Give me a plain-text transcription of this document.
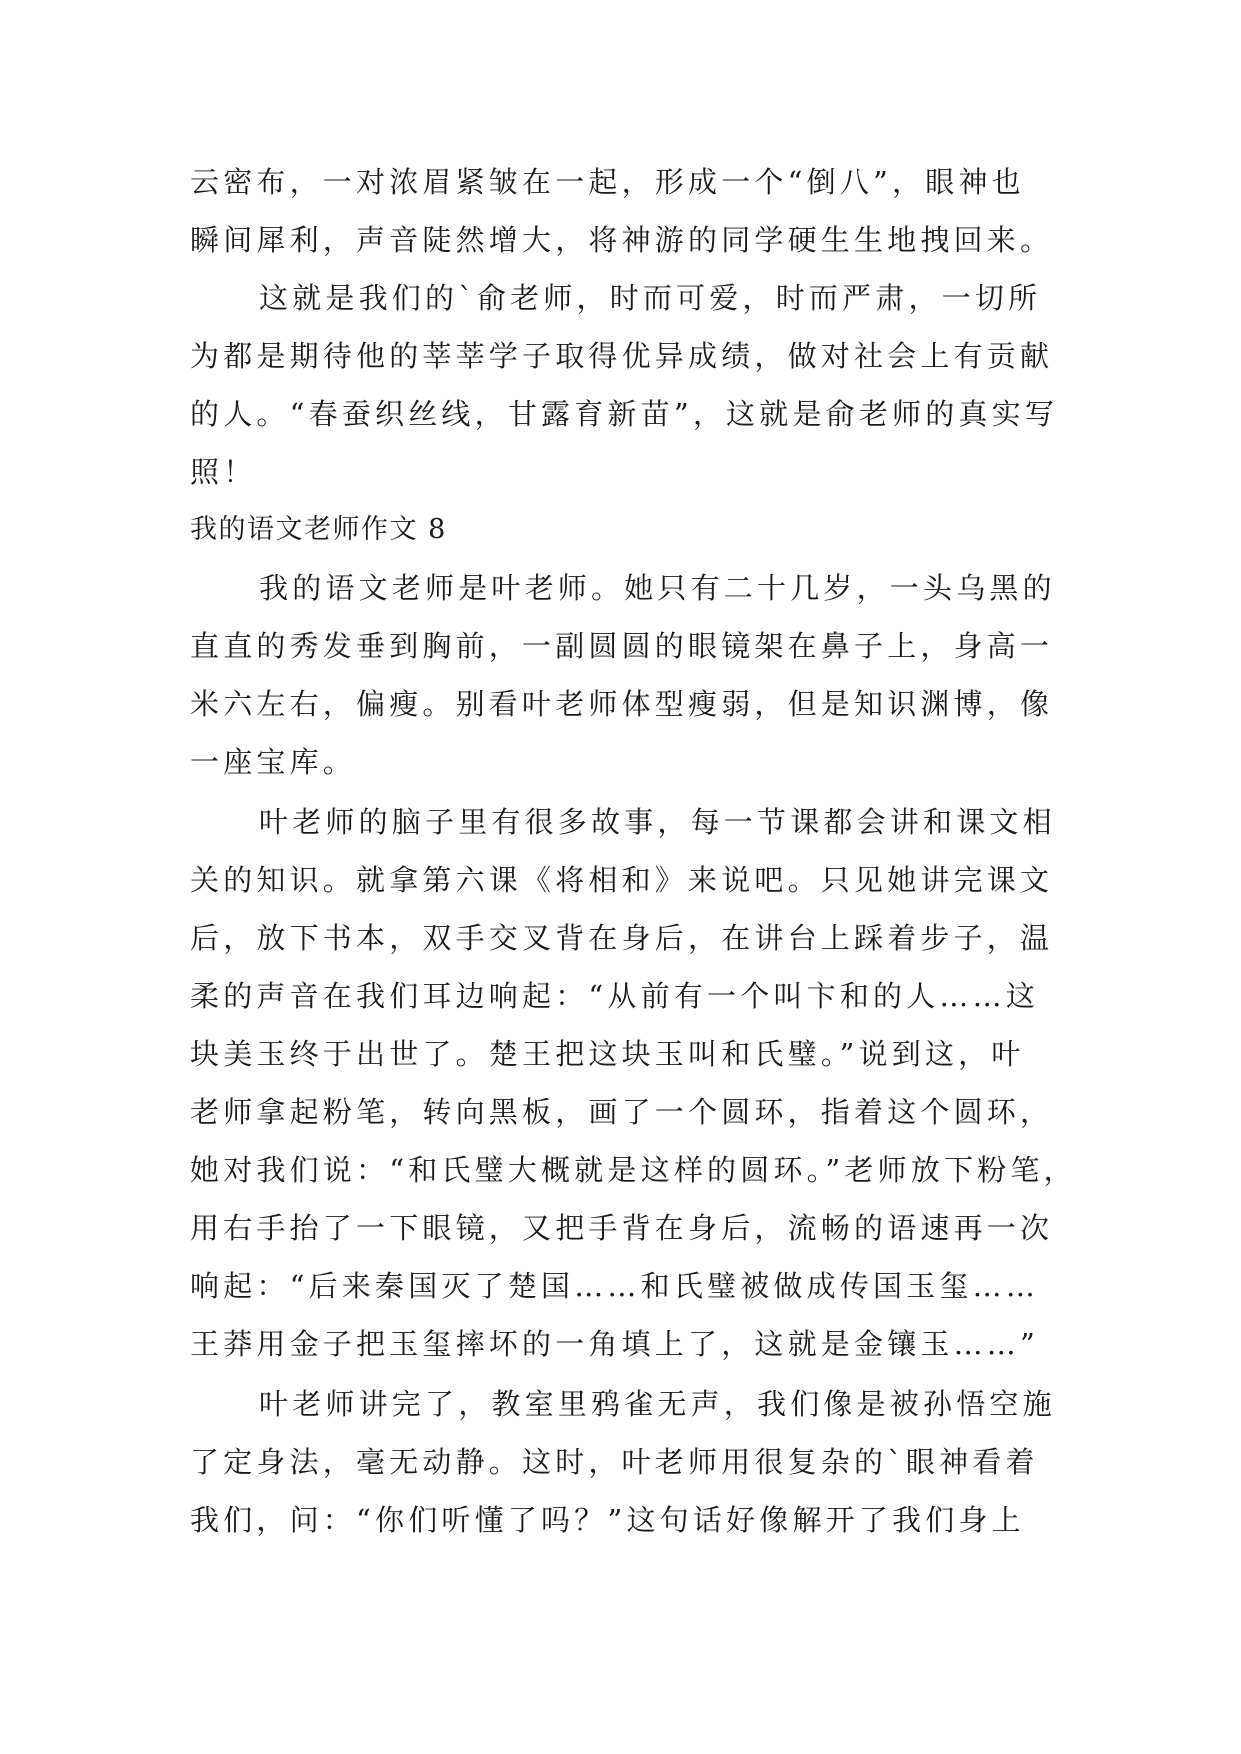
云密布，一对浓眉紧皱在一起，形成一个“倒八”，眼神也
瞬间犀利，声音陡然增大，将神游的同学硬生生地拽回来。
这就是我们的`俞老师，时而可爱，时而严肃，一切所
为都是期待他的莘莘学子取得优异成绩，做对社会上有贡献
的人。“春蚕织丝线，甘露育新苗”，这就是俞老师的真实写
照！
我的语文老师作文 8
我的语文老师是叶老师。她只有二十几岁，一头乌黑的
直直的秀发垂到胸前，一副圆圆的眼镜架在鼻子上，身高一
米六左右，偏瘦。别看叶老师体型瘦弱，但是知识渊博，像
一座宝库。
叶老师的脑子里有很多故事，每一节课都会讲和课文相
关的知识。就拿第六课《将相和》来说吧。只见她讲完课文
后，放下书本，双手交叉背在身后，在讲台上踩着步子，温
柔的声音在我们耳边响起：“从前有一个叫卞和的人……这
块美玉终于出世了。楚王把这块玉叫和氏璧。”说到这，叶
老师拿起粉笔，转向黑板，画了一个圆环，指着这个圆环，
她对我们说：“和氏璧大概就是这样的圆环。”老师放下粉笔，
用右手抬了一下眼镜，又把手背在身后，流畅的语速再一次
响起：“后来秦国灭了楚国……和氏璧被做成传国玉玺……
王莽用金子把玉玺摔坏的一角填上了，这就是金镶玉……”
叶老师讲完了，教室里鸦雀无声，我们像是被孙悟空施
了定身法，毫无动静。这时，叶老师用很复杂的`眼神看着
我们，问：“你们听懂了吗？”这句话好像解开了我们身上
